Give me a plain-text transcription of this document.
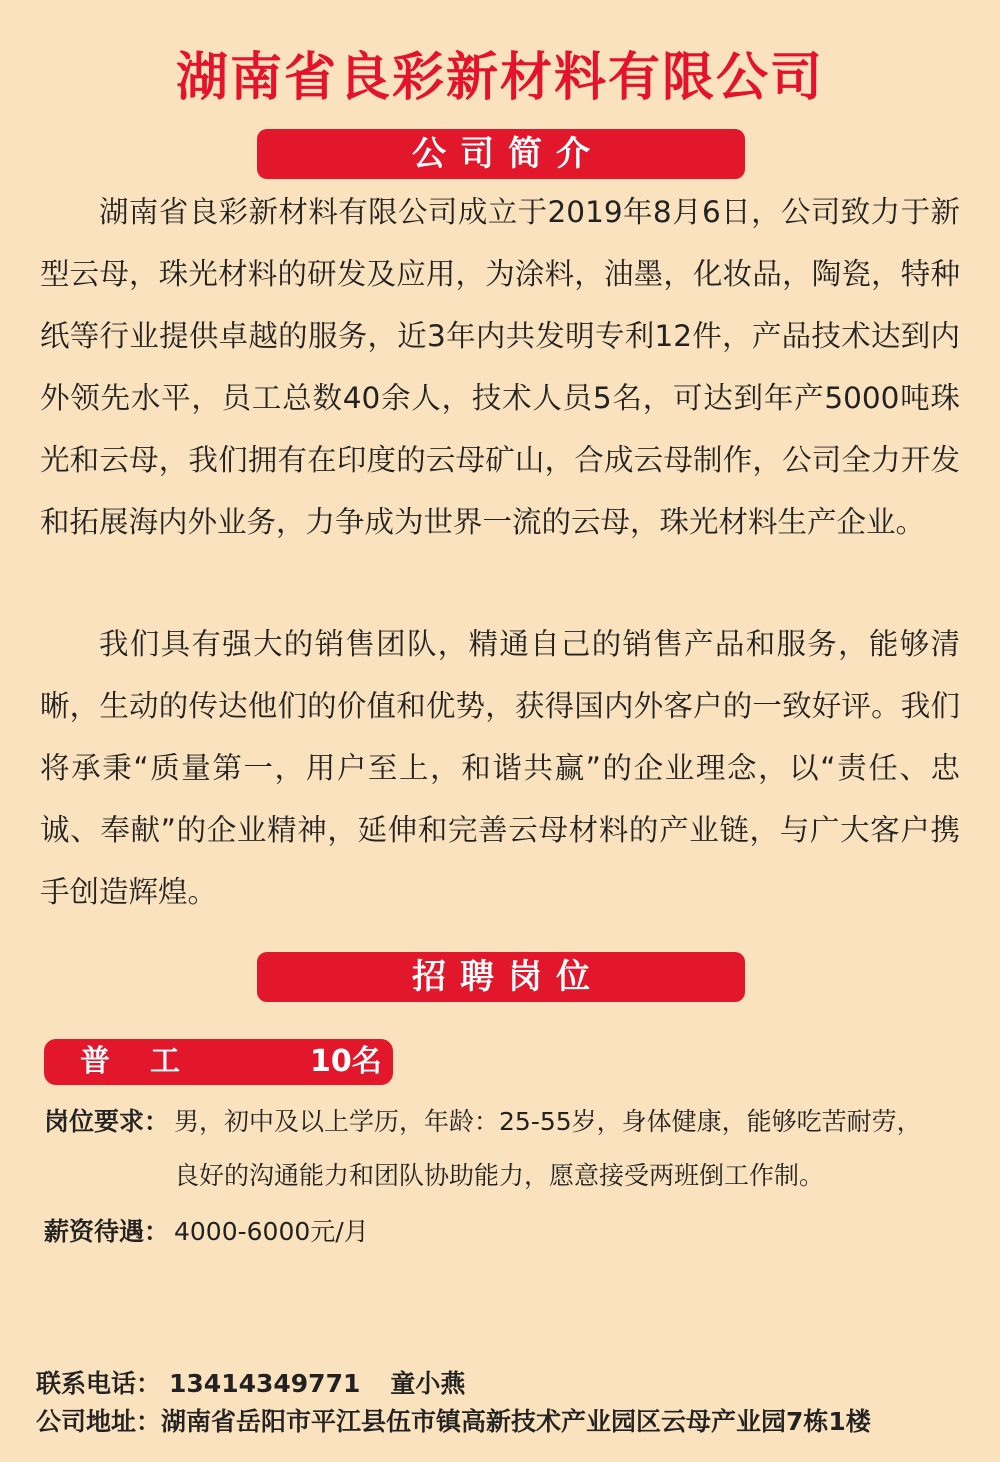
湖南省良彩新材料有限公司
公司简介

湖南省良彩新材料有限公司成立于2019年8月6日，公司致力于新型云母，珠光材料的研发及应用，为涂料，油墨，化妆品，陶瓷，特种纸等行业提供卓越的服务，近3年内共发明专利12件，产品技术达到内外领先水平，员工总数40余人，技术人员5名，可达到年产5000吨珠光和云母，我们拥有在印度的云母矿山，合成云母制作，公司全力开发和拓展海内外业务，力争成为世界一流的云母，珠光材料生产企业。

我们具有强大的销售团队，精通自己的销售产品和服务，能够清晰，生动的传达他们的价值和优势，获得国内外客户的一致好评。我们将承秉“质量第一，用户至上，和谐共赢”的企业理念，以“责任、忠诚、奉献”的企业精神，延伸和完善云母材料的产业链，与广大客户携手创造辉煌。

招聘岗位
普工	10名
岗位要求： 男，初中及以上学历，年龄：25-55岁，身体健康，能够吃苦耐劳，
良好的沟通能力和团队协助能力，愿意接受两班倒工作制。
薪资待遇： 4000-6000元/月
联系电话： 13414349771 童小燕
公司地址：湖南省岳阳市平江县伍市镇高新技术产业园区云母产业园7栋1楼
